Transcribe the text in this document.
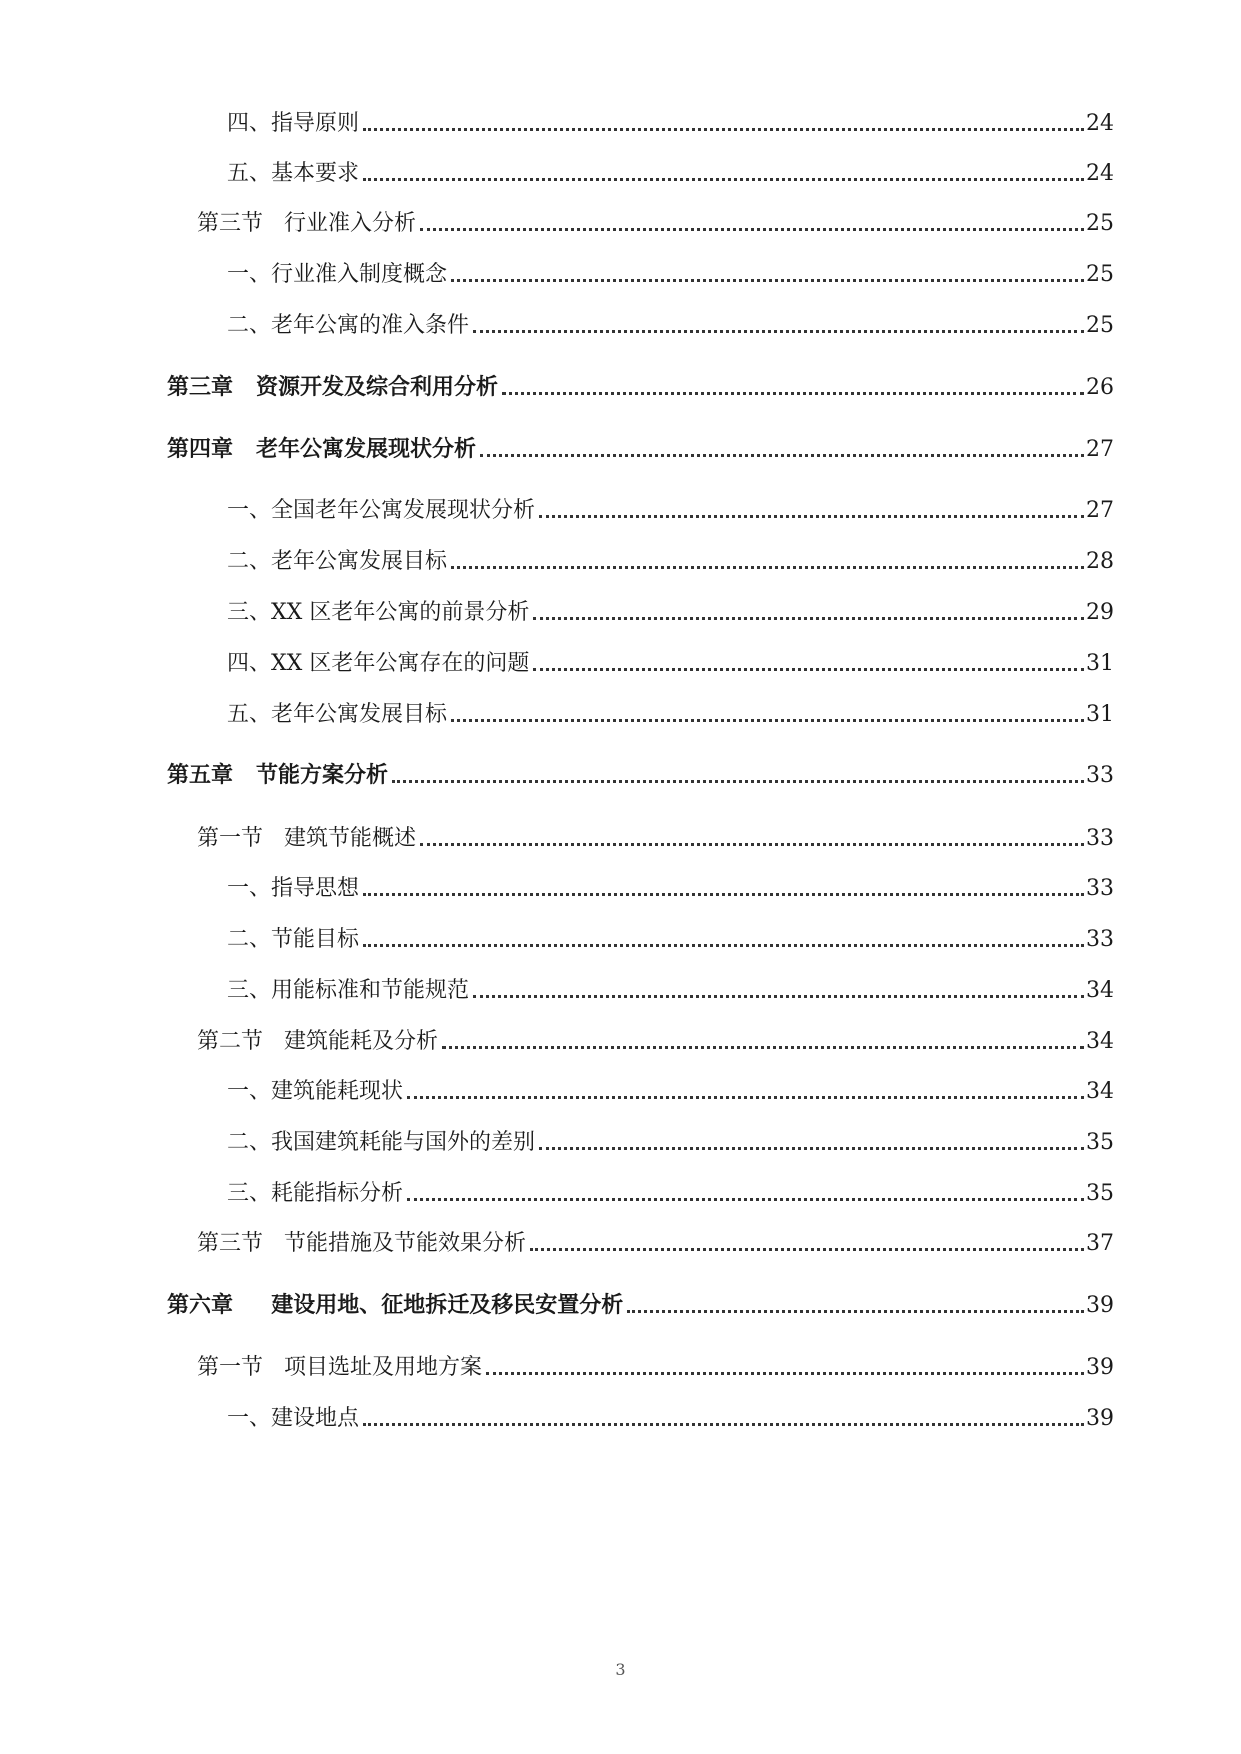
四、指导原则	24
五、基本要求	24
第三节   行业准入分析	25
一、行业准入制度概念	25
二、老年公寓的准入条件	25
第三章   资源开发及综合利用分析	26
第四章   老年公寓发展现状分析	27
一、全国老年公寓发展现状分析	27
二、老年公寓发展目标	28
三、XX 区老年公寓的前景分析	29
四、XX 区老年公寓存在的问题	31
五、老年公寓发展目标	31
第五章   节能方案分析	33
第一节   建筑节能概述	33
一、指导思想	33
二、节能目标	33
三、用能标准和节能规范	34
第二节   建筑能耗及分析	34
一、建筑能耗现状	34
二、我国建筑耗能与国外的差别	35
三、耗能指标分析	35
第三节   节能措施及节能效果分析	37
第六章     建设用地、征地拆迁及移民安置分析	39
第一节   项目选址及用地方案	39
一、建设地点	39
3
